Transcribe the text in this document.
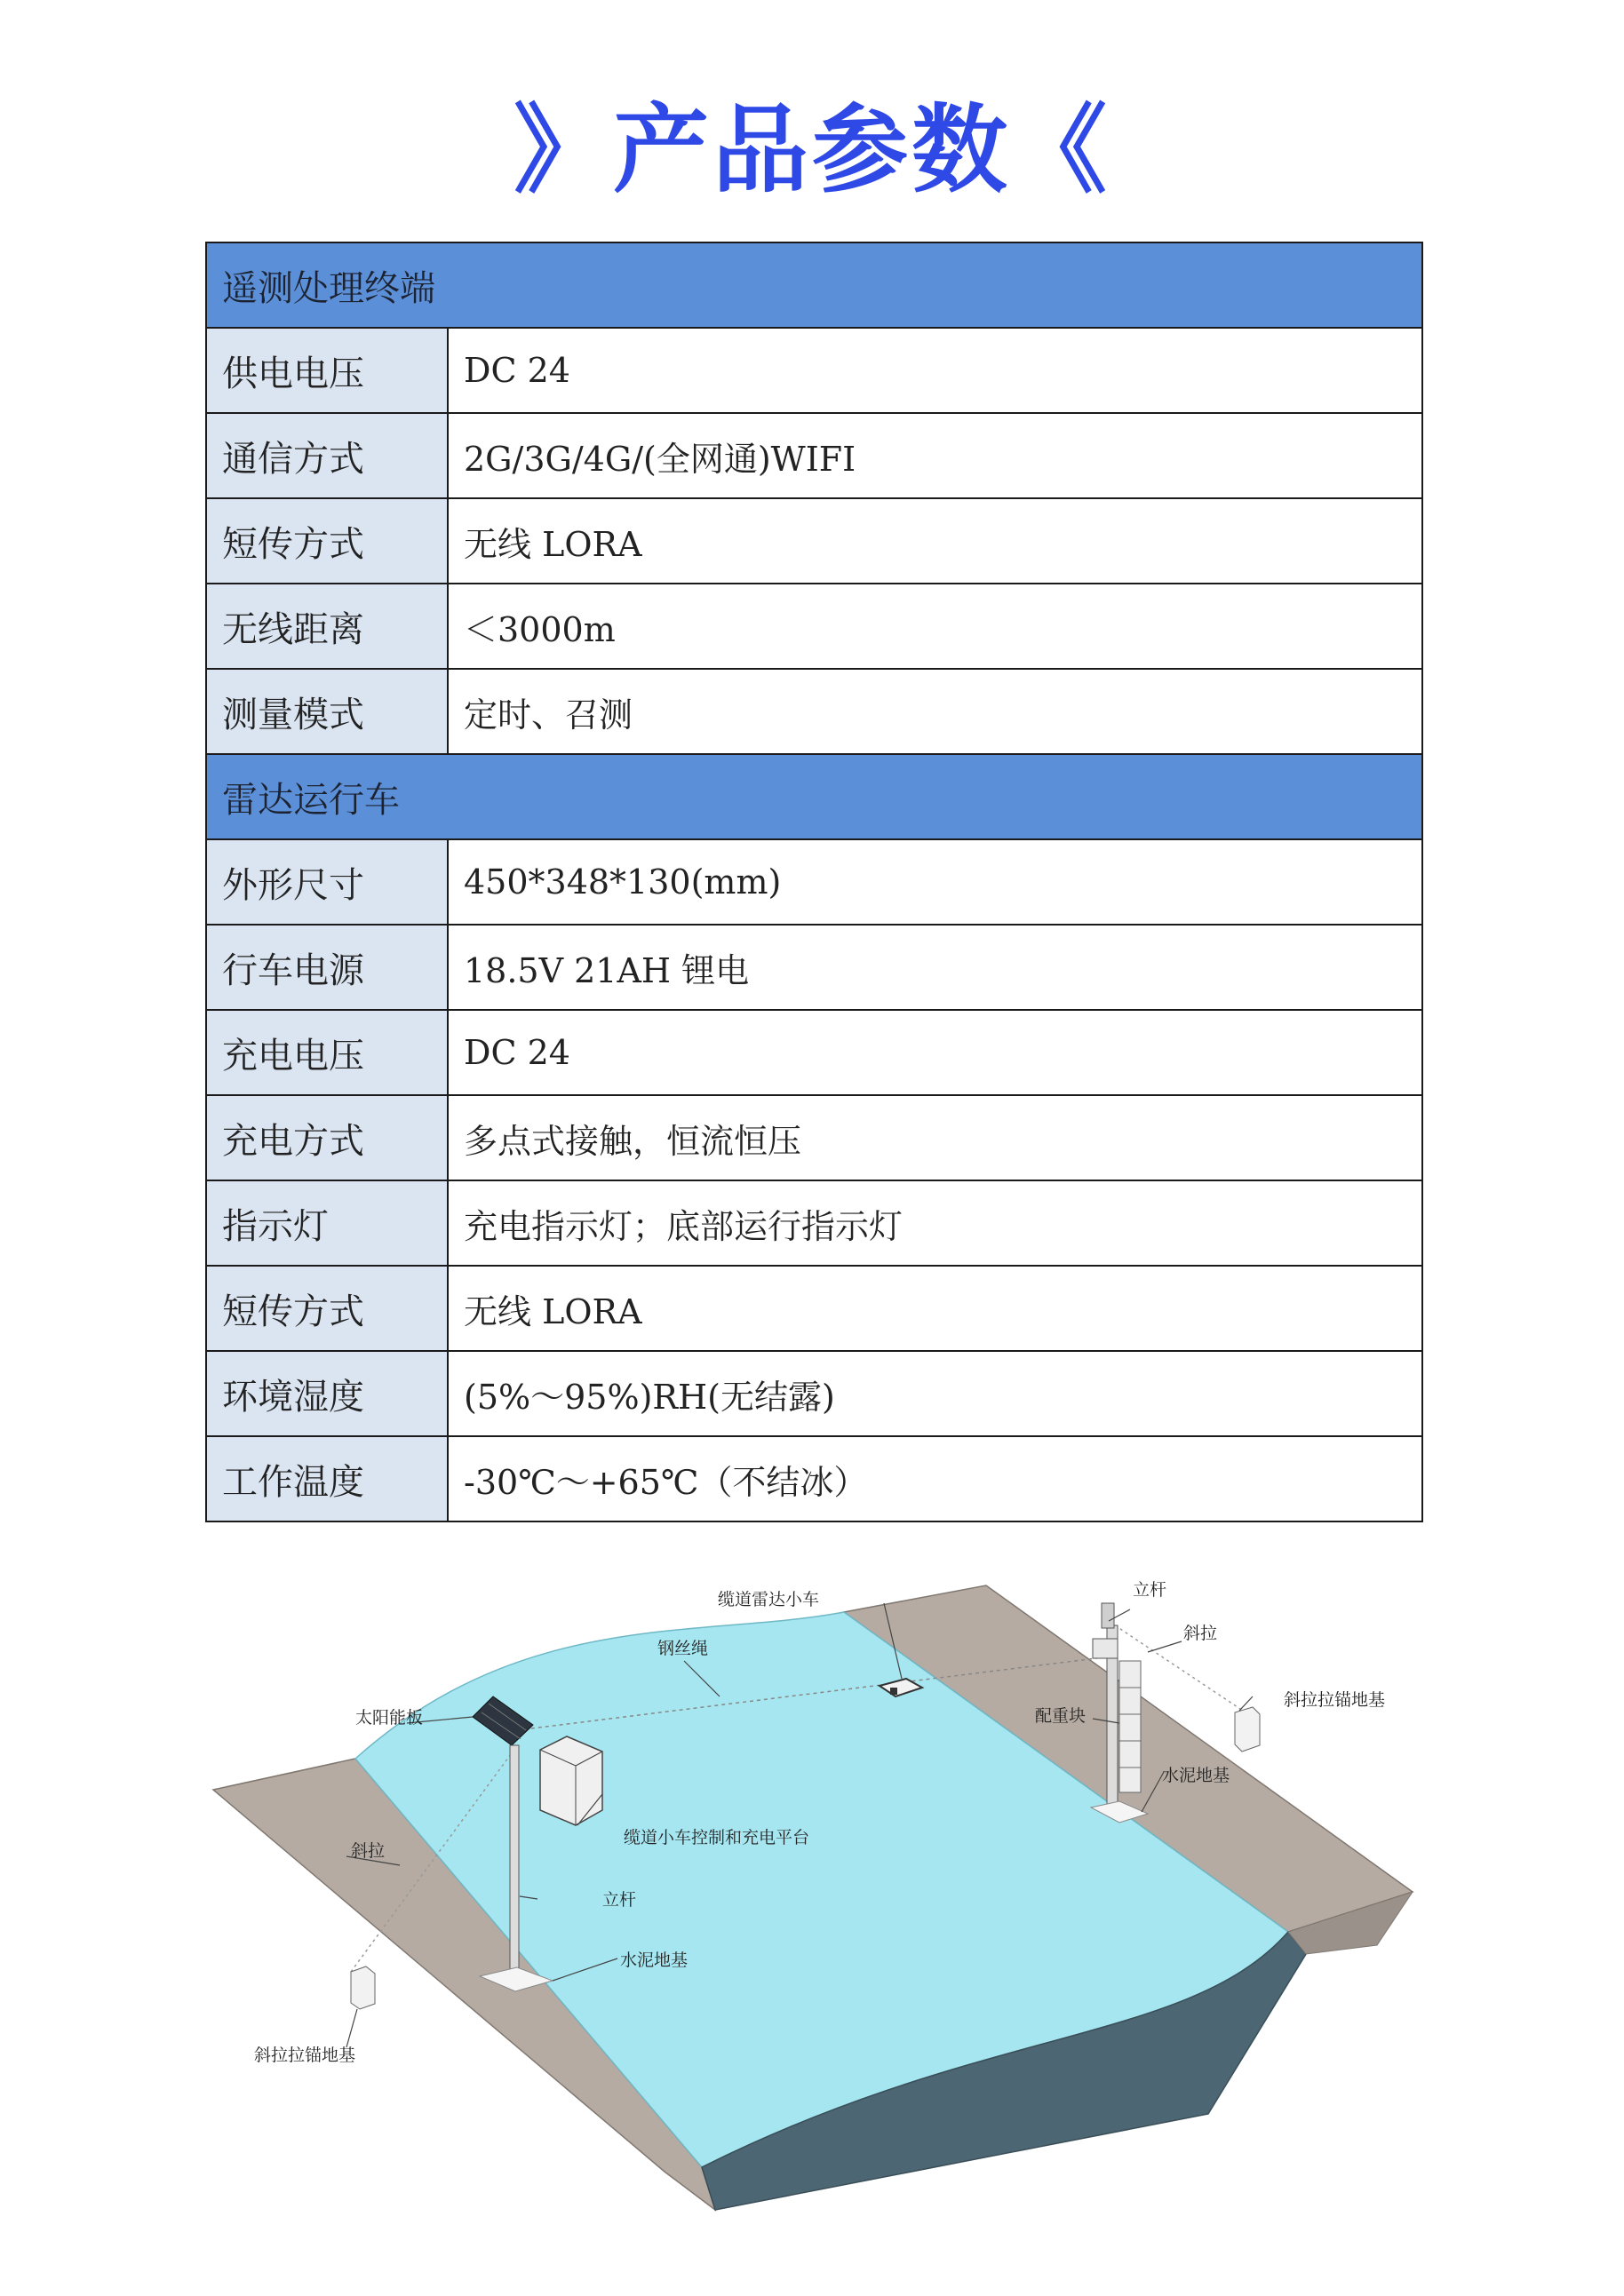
》产品参数《
遥测处理终端	
供电电压	DC 24
通信方式	2G/3G/4G/(全网通)WIFI
短传方式	无线 LORA
无线距离	＜3000m
测量模式	定时、召测
雷达运行车	
外形尺寸	450*348*130(mm)
行车电源	18.5V 21AH 锂电
充电电压	DC 24
充电方式	多点式接触，恒流恒压
指示灯	充电指示灯；底部运行指示灯
短传方式	无线 LORA
环境湿度	(5%～95%)RH(无结露)
工作温度	-30℃～+65℃（不结冰）
缆道雷达小车	立杆
斜拉
钢丝绳
配重块
斜拉拉锚地基
水泥地基
太阳能板
缆道小车控制和充电平台
斜拉
立杆
水泥地基
斜拉拉锚地基
